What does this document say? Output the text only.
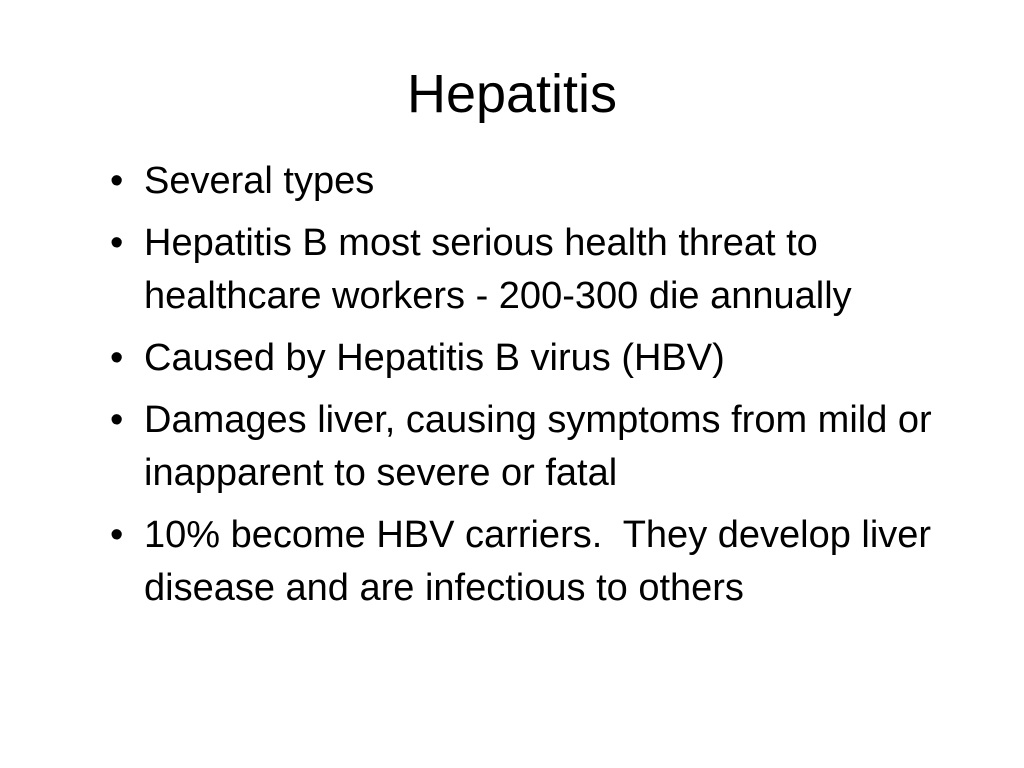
Hepatitis
• Several types
• Hepatitis B most serious health threat to healthcare workers - 200-300 die annually
• Caused by Hepatitis B virus (HBV)
• Damages liver, causing symptoms from mild or inapparent to severe or fatal
• 10% become HBV carriers.  They develop liver disease and are infectious to others
